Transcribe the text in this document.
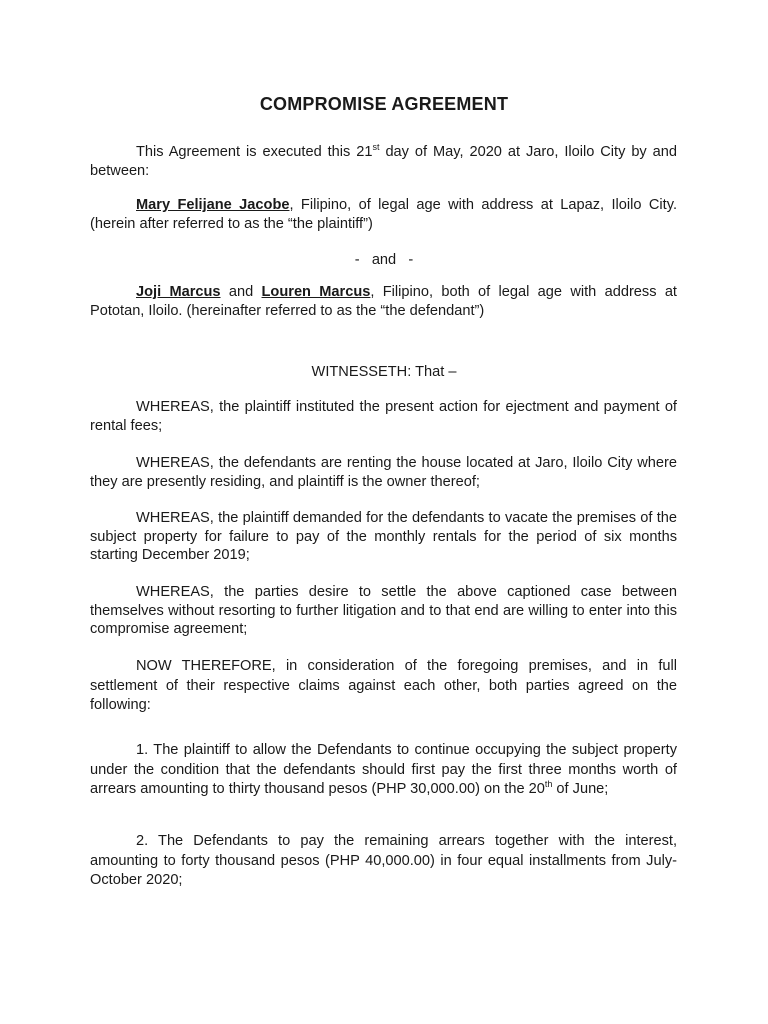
COMPROMISE AGREEMENT

This Agreement is executed this 21st day of May, 2020 at Jaro, Iloilo City by and between:

Mary Felijane Jacobe, Filipino, of legal age with address at Lapaz, Iloilo City. (herein after referred to as the “the plaintiff”)

-   and   -

Joji Marcus and Louren Marcus, Filipino, both of legal age with address at Pototan, Iloilo. (hereinafter referred to as the “the defendant”)

WITNESSETH: That –

WHEREAS, the plaintiff instituted the present action for ejectment and payment of rental fees;

WHEREAS, the defendants are renting the house located at Jaro, Iloilo City where they are presently residing, and plaintiff is the owner thereof;

WHEREAS, the plaintiff demanded for the defendants to vacate the premises of the subject property for failure to pay of the monthly rentals for the period of six months starting December 2019;

WHEREAS, the parties desire to settle the above captioned case between themselves without resorting to further litigation and to that end are willing to enter into this compromise agreement;

NOW THEREFORE, in consideration of the foregoing premises, and in full settlement of their respective claims against each other, both parties agreed on the following:

1. The plaintiff to allow the Defendants to continue occupying the subject property under the condition that the defendants should first pay the first three months worth of arrears amounting to thirty thousand pesos (PHP 30,000.00) on the 20th of June;

2. The Defendants to pay the remaining arrears together with the interest, amounting to forty thousand pesos (PHP 40,000.00) in four equal installments from July-October 2020;
